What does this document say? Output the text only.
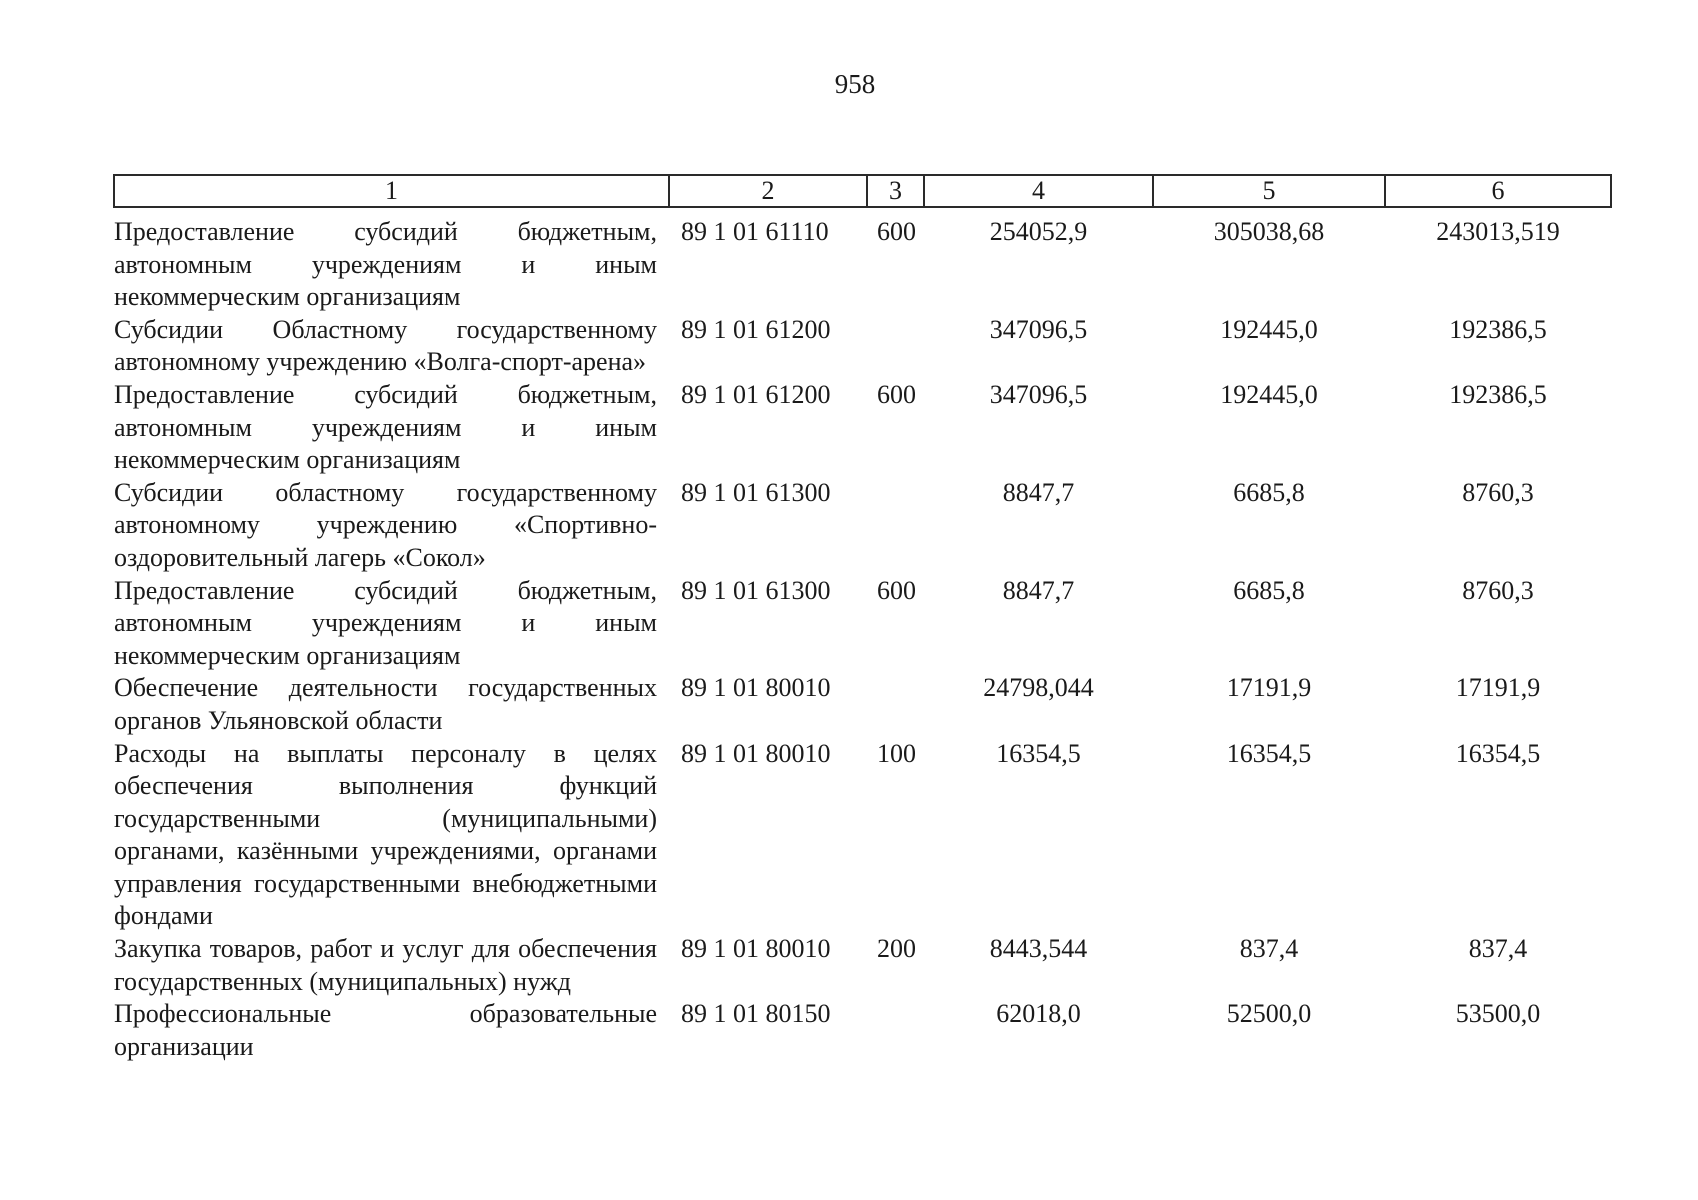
958
1	2	3	4	5	6
Предоставление субсидий бюджетным, автономным учреждениям и иным некоммерческим организациям	89 1 01 61110	600	254052,9	305038,68	243013,519
Субсидии Областному государственному автономному учреждению «Волга-спорт-арена»	89 1 01 61200		347096,5	192445,0	192386,5
Предоставление субсидий бюджетным, автономным учреждениям и иным некоммерческим организациям	89 1 01 61200	600	347096,5	192445,0	192386,5
Субсидии областному государственному автономному учреждению «Спортивно-оздоровительный лагерь «Сокол»	89 1 01 61300		8847,7	6685,8	8760,3
Предоставление субсидий бюджетным, автономным учреждениям и иным некоммерческим организациям	89 1 01 61300	600	8847,7	6685,8	8760,3
Обеспечение деятельности государственных органов Ульяновской области	89 1 01 80010		24798,044	17191,9	17191,9
Расходы на выплаты персоналу в целях обеспечения выполнения функций государственными (муниципальными) органами, казёнными учреждениями, органами управления государственными внебюджетными фондами	89 1 01 80010	100	16354,5	16354,5	16354,5
Закупка товаров, работ и услуг для обеспечения государственных (муниципальных) нужд	89 1 01 80010	200	8443,544	837,4	837,4
Профессиональные образовательные организации	89 1 01 80150		62018,0	52500,0	53500,0
